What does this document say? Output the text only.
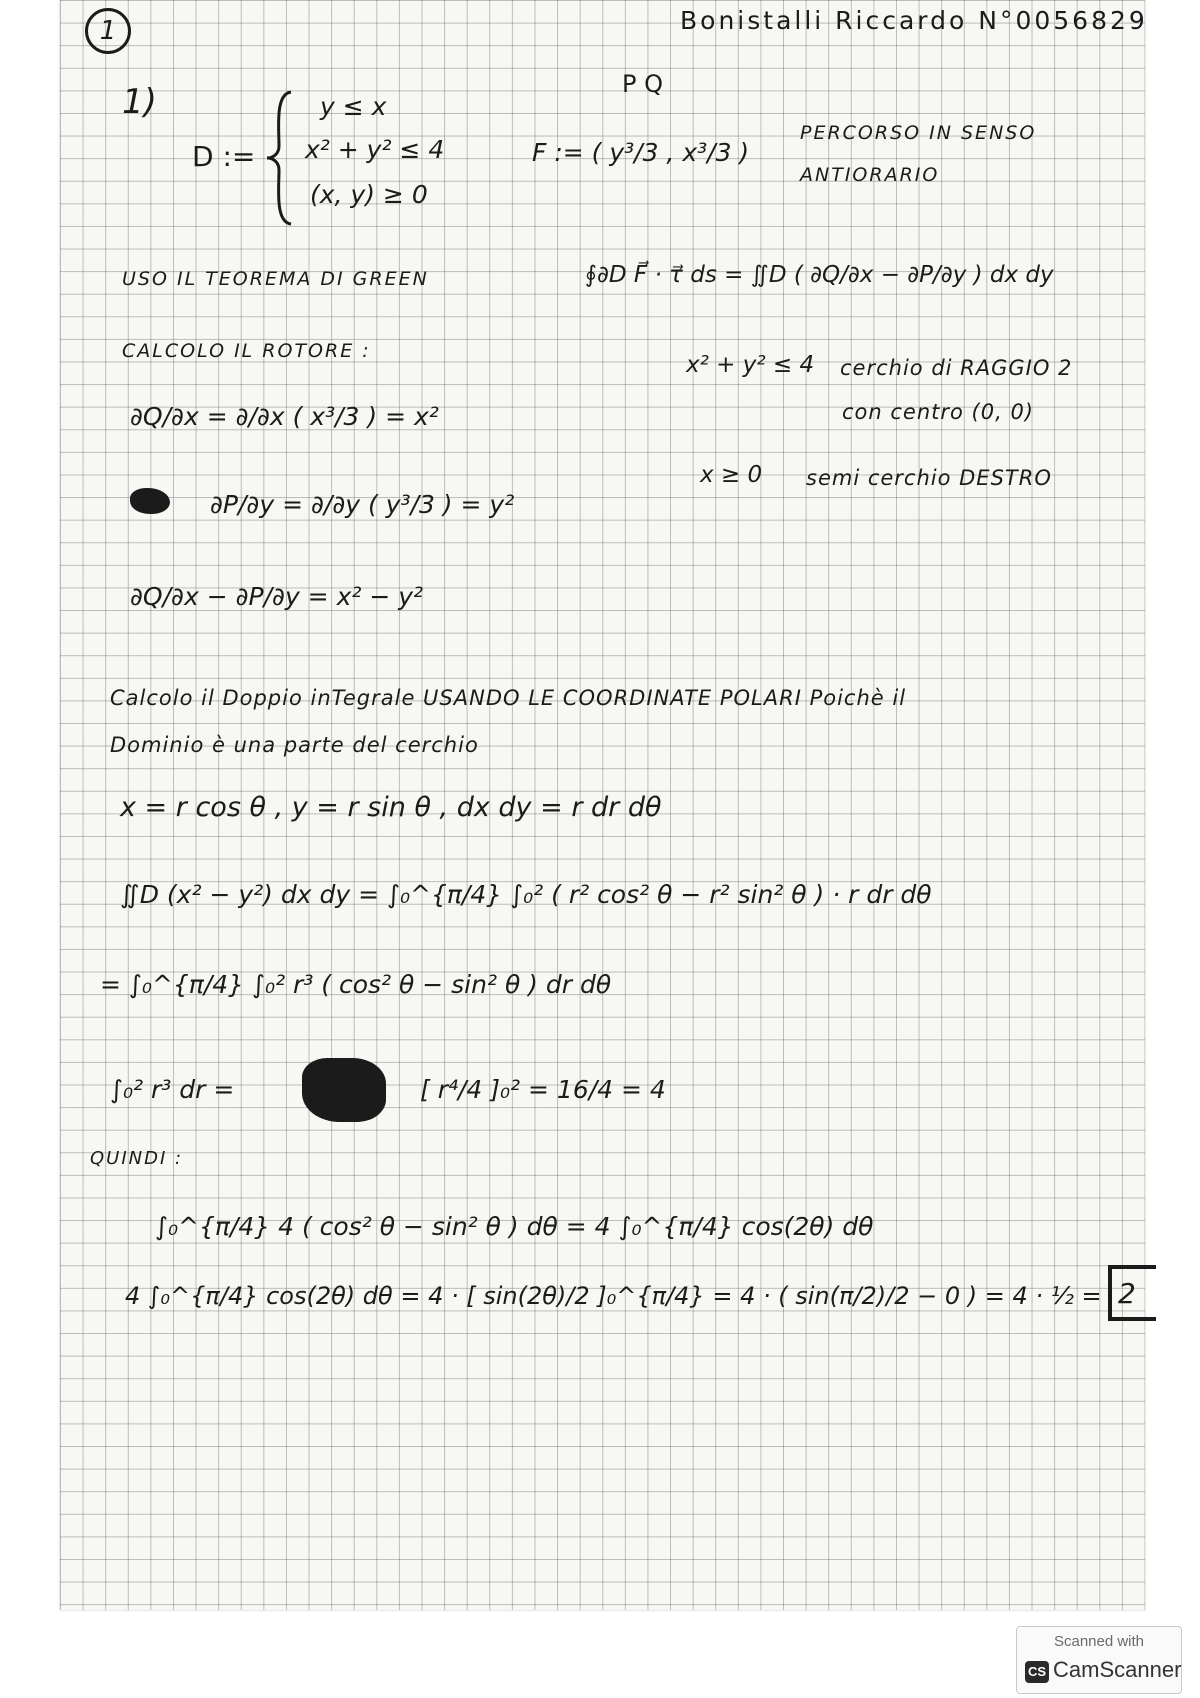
1	Bonistalli Riccardo N°0056829
1)
D :=
y ≤ x
x² + y² ≤ 4
(x, y) ≥ 0
P Q
F := ( y³/3 , x³/3 )
PERCORSO IN SENSO
ANTIORARIO
USO IL TEOREMA DI GREEN	∮∂D F⃗ · τ⃗ ds = ∬D ( ∂Q/∂x − ∂P/∂y ) dx dy
CALCOLO IL ROTORE :
∂Q/∂x = ∂/∂x ( x³/3 ) = x²
∂P/∂y = ∂/∂y ( y³/3 ) = y²
∂Q/∂x − ∂P/∂y = x² − y²
x² + y² ≤ 4 cerchio di RAGGIO 2
con centro (0, 0)
x ≥ 0 semi cerchio DESTRO
Calcolo il Doppio inTegrale USANDO LE COORDINATE POLARI Poichè il
Dominio è una parte del cerchio
x = r cos θ , y = r sin θ , dx dy = r dr dθ
∬D (x² − y²) dx dy = ∫₀^{π/4} ∫₀² ( r² cos² θ − r² sin² θ ) · r dr dθ
= ∫₀^{π/4} ∫₀² r³ ( cos² θ − sin² θ ) dr dθ
∫₀² r³ dr =	[ r⁴/4 ]₀² = 16/4 = 4
QUINDI :
∫₀^{π/4} 4 ( cos² θ − sin² θ ) dθ = 4 ∫₀^{π/4} cos(2θ) dθ
4 ∫₀^{π/4} cos(2θ) dθ = 4 · [ sin(2θ)/2 ]₀^{π/4} = 4 · ( sin(π/2)/2 − 0 ) = 4 · ½ = 2
Scanned with
CS CamScanner
